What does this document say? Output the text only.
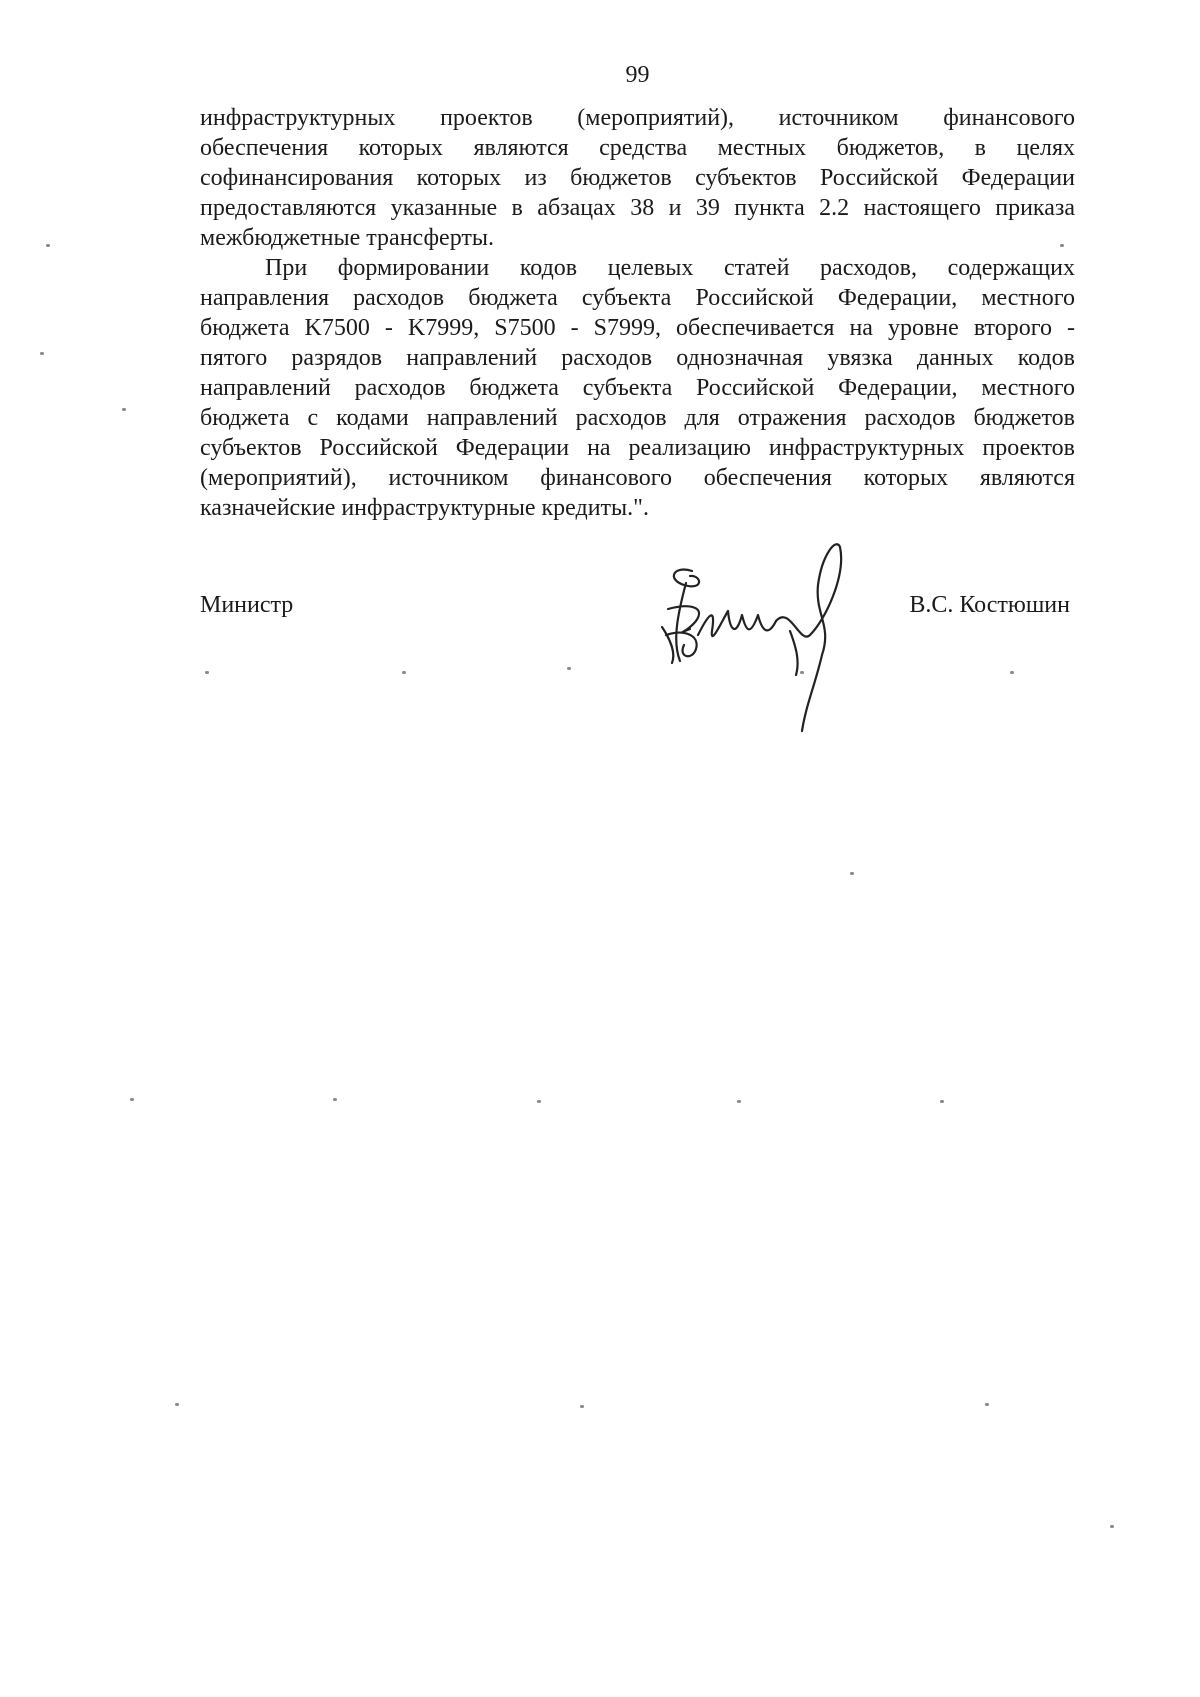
99
инфраструктурных проектов (мероприятий), источником финансового
обеспечения которых являются средства местных бюджетов, в целях
софинансирования которых из бюджетов субъектов Российской Федерации
предоставляются указанные в абзацах 38 и 39 пункта 2.2 настоящего приказа
межбюджетные трансферты.
При формировании кодов целевых статей расходов, содержащих
направления расходов бюджета субъекта Российской Федерации, местного
бюджета K7500 - K7999, S7500 - S7999, обеспечивается на уровне второго -
пятого разрядов направлений расходов однозначная увязка данных кодов
направлений расходов бюджета субъекта Российской Федерации, местного
бюджета с кодами направлений расходов для отражения расходов бюджетов
субъектов Российской Федерации на реализацию инфраструктурных проектов
(мероприятий), источником финансового обеспечения которых являются
казначейские инфраструктурные кредиты.".
Министр	В.С. Костюшин
